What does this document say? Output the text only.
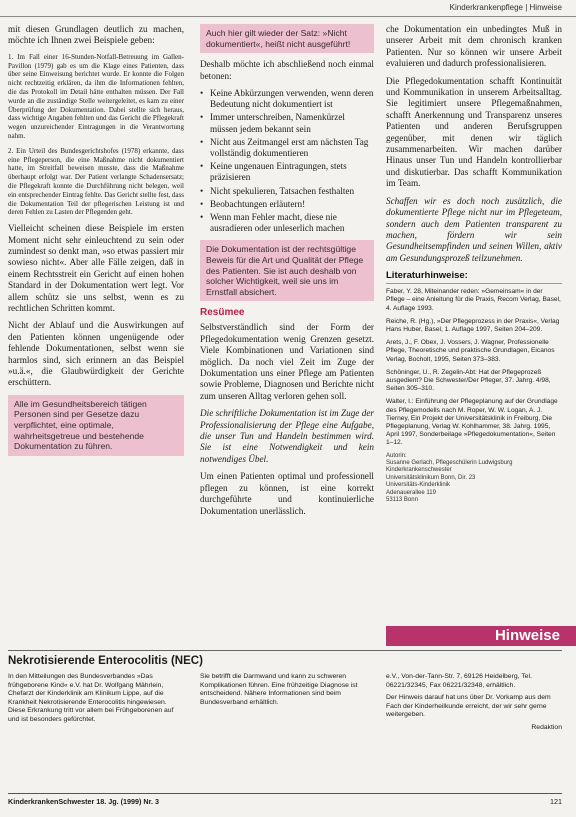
Kinderkrankenpflege | Hinweise

mit diesen Grundlagen deutlich zu machen, möchte ich Ihnen zwei Beispiele geben:

1. Im Fall einer 16-Stunden-Notfall-Betreuung im Gallen-Pavillon (1979) gab es um die Klage eines Patienten, dass über seine Einweisung berichtet wurde. Er konnte die Folgen nicht rechtzeitig erklären, da ihm die Informationen fehlten, die das Protokoll im Detail hätte enthalten müssen. Der Fall wurde an die zuständige Stelle weitergeleitet, es kam zu einer Überprüfung der Dokumentation. Dabei stellte sich heraus, dass wichtige Angaben fehlten und das Gericht die Pflegekraft wegen unzureichender Eintragungen in die Verantwortung nahm.

2. Ein Urteil des Bundesgerichtshofes (1978) erkannte, dass eine Pflegeperson, die eine Maßnahme nicht dokumentiert hatte, im Streitfall beweisen musste, dass die Maßnahme überhaupt erfolgt war. Der Patient verlangte Schadensersatz; die Pflegekraft konnte die Durchführung nicht belegen, weil ein entsprechender Eintrag fehlte. Das Gericht stellte fest, dass die Dokumentation Teil der pflegerischen Leistung ist und deren Fehlen zu Lasten der Pflegenden geht.

Vielleicht scheinen diese Beispiele im ersten Moment nicht sehr einleuchtend zu sein oder zumindest so denkt man, »so etwas passiert mir sowieso nicht«. Aber alle Fälle zeigen, daß in einem Rechtsstreit ein Gericht auf einen hohen Standard in der Dokumentation wert legt. Vor allem schütz sie uns selbst, wenn es zu rechtlichen Schritten kommt.

Nicht der Ablauf und die Auswirkungen auf den Patienten können ungenügende oder fehlende Dokumentationen, selbst wenn sie harmlos sind, sich erinnern an das Beispiel »u.ä.«, die Glaubwürdigkeit der Gerichte erschüttern.

Alle im Gesundheitsbereich tätigen Personen sind per Gesetze dazu verpflichtet, eine optimale, wahrheitsgetreue und bestehende Dokumentation zu führen.
Auch hier gilt wieder der Satz: »Nicht dokumentiert«, heißt nicht ausgeführt!

Deshalb möchte ich abschließend noch einmal betonen:

• Keine Abkürzungen verwenden, wenn deren Bedeutung nicht dokumentiert ist
• Immer unterschreiben, Namenkürzel müssen jedem bekannt sein
• Nicht aus Zeitmangel erst am nächsten Tag vollständig dokumentieren
• Keine ungenauen Eintragungen, stets präzisieren
• Nicht spekulieren, Tatsachen festhalten
• Beobachtungen erläutern!
• Wenn man Fehler macht, diese nie ausradieren oder unleserlich machen
Die Dokumentation ist der rechtsgültige Beweis für die Art und Qualität der Pflege des Patienten. Sie ist auch deshalb von solcher Wichtigkeit, weil sie uns im Ernstfall absichert.
Resümee

Selbstverständlich sind der Form der Pflegedokumentation wenig Grenzen gesetzt. Viele Kombinationen und Variationen sind möglich. Da noch viel Zeit im Zuge der Dokumentation uns einer Pflege am Patienten sowie Probleme, Diagnosen und Berichte nicht zum unseren Alltag verloren gehen soll.

Die schriftliche Dokumentation ist im Zuge der Professionalisierung der Pflege eine Aufgabe, die unser Tun und Handeln bestimmen wird. Sie ist eine Notwendigkeit und kein notwendiges Übel.

Um einen Patienten optimal und professionell pflegen zu können, ist eine korrekt durchgeführte und kontinuierliche Dokumentation unerlässlich.

che Dokumentation ein unbedingtes Muß in unserer Arbeit mit dem chronisch kranken Patienten. Nur so können wir unsere Arbeit evaluieren und dadurch professionalisieren.

Die Pflegedokumentation schafft Kontinuität und Kommunikation in unserem Arbeitsalltag. Sie legitimiert unsere Pflegemaßnahmen, schafft Anerkennung und Transparenz unseres Patienten und anderen Berufsgruppen gegenüber, mit denen wir täglich zusammenarbeiten. Wir machen darüber Hinaus unser Tun und Handeln kontrollierbar und diskutierbar. Das schafft Kommunikation im Team.

Schaffen wir es doch noch zusätzlich, die dokumentierte Pflege nicht nur im Pflegeteam, sondern auch dem Patienten transparent zu machen, fördern wir sein Gesundheitsempfinden und seinen Willen, aktiv am Gesundungsprozeß teilzunehmen.

Literaturhinweise:

Faber, Y. 28, Miteinander reden: »Gemeinsam« in der Pflege – eine Anleitung für die Praxis, Recom Verlag, Basel, 4. Auflage 1993.

Reiche, R. (Hg.), »Der Pflegeprozess in der Praxis«, Verlag Hans Huber, Basel, 1. Auflage 1997, Seiten 204–209.

Arets, J., F. Obex, J. Vossers, J. Wagner, Professionelle Pflege, Theoretische und praktische Grundlagen, Eicanos Verlag, Bocholt, 1995, Seiten 373–383.

Schöninger, U., R. Zegelin-Abt: Hat der Pflegeprozeß ausgedient? Die Schwester/Der Pfleger, 37. Jahrg. 4/98, Seiten 305–310.

Walter, I.: Einführung der Pflegeplanung auf der Grundlage des Pflegemodells nach M. Roper, W. W. Logan, A. J. Tierney, Ein Projekt der Universitätsklinik in Freiburg, Die Pflegeplanung, Verlag W. Kohlhammer, 38. Jahrg. 1995, April 1997, Sonderbeilage »Pflegedokumentation«, Seiten 1–12.

Autorin:
Susanne Gerlach, Pflegeschülerin Ludwigsburg
Kinderkrankenschwester
Universitätsklinikum Bonn, Dir. 23
Universitäts-Kinderklinik
Adenauerallee 119
53113 Bonn
Hinweise
Nekrotisierende Enterocolitis (NEC)

In den Mitteilungen des Bundesverbandes »Das frühgeborene Kind« e.V. hat Dr. Wolfgang Mährlein, Chefarzt der Kinderklinik am Klinikum Lippe, auf die Krankheit Nekrotisierende Enterocolitis hingewiesen. Diese Erkrankung tritt vor allem bei Frühgeborenen auf und ist besonders gefürchtet.

Sie betrifft die Darmwand und kann zu schweren Komplikationen führen. Eine frühzeitige Diagnose ist entscheidend. Nähere Informationen sind beim Bundesverband erhältlich.

e.V., Von-der-Tann-Str. 7, 69126 Heidelberg, Tel. 06221/32345, Fax 06221/32348, erhältlich.

Der Hinweis darauf hat uns über Dr. Vorkamp aus dem Fach der Kinderheilkunde erreicht, der wir sehr gerne weitergeben.

Redaktion

KinderkrankenSchwester 18. Jg. (1999) Nr. 3	121
